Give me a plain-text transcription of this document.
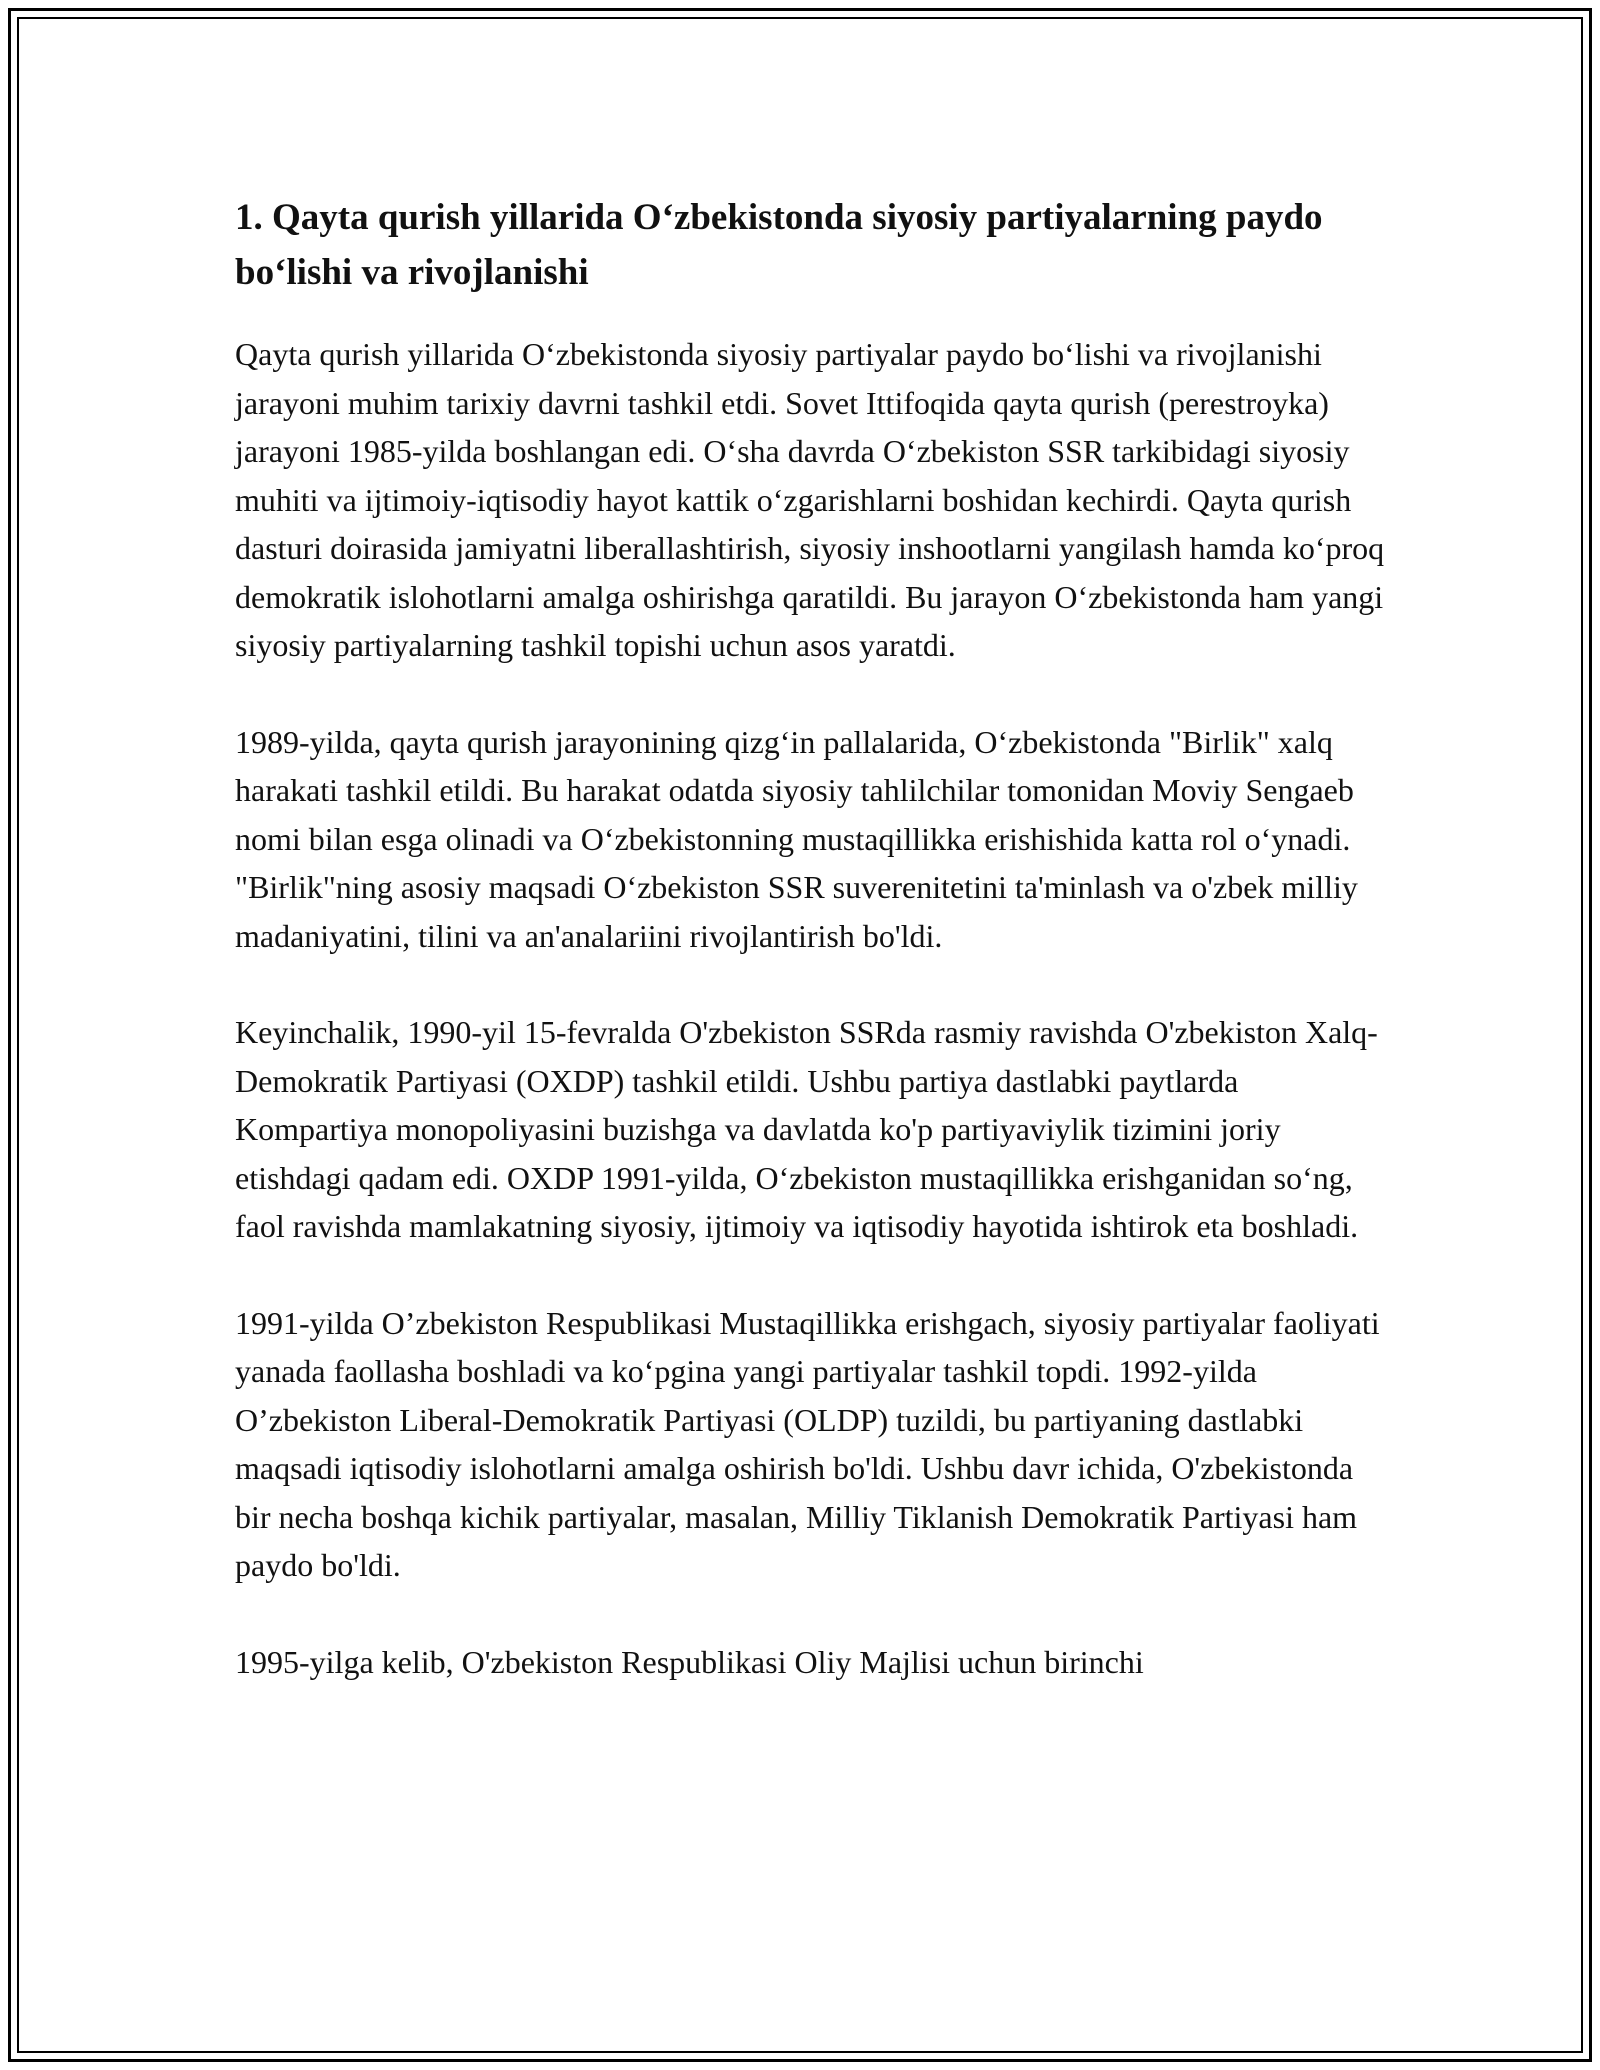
1. Qayta qurish yillarida O‘zbekistonda siyosiy partiyalarning paydo bo‘lishi va rivojlanishi

Qayta qurish yillarida O‘zbekistonda siyosiy partiyalar paydo bo‘lishi va rivojlanishi jarayoni muhim tarixiy davrni tashkil etdi. Sovet Ittifoqida qayta qurish (perestroyka) jarayoni 1985-yilda boshlangan edi. O‘sha davrda O‘zbekiston SSR tarkibidagi siyosiy muhiti va ijtimoiy-iqtisodiy hayot kattik o‘zgarishlarni boshidan kechirdi. Qayta qurish dasturi doirasida jamiyatni liberallashtirish, siyosiy inshootlarni yangilash hamda ko‘proq demokratik islohotlarni amalga oshirishga qaratildi. Bu jarayon O‘zbekistonda ham yangi siyosiy partiyalarning tashkil topishi uchun asos yaratdi.

1989-yilda, qayta qurish jarayonining qizg‘in pallalarida, O‘zbekistonda "Birlik" xalq harakati tashkil etildi. Bu harakat odatda siyosiy tahlilchilar tomonidan Moviy Sengaeb nomi bilan esga olinadi va O‘zbekistonning mustaqillikka erishishida katta rol o‘ynadi. "Birlik"ning asosiy maqsadi O‘zbekiston SSR suverenitetini ta'minlash va o'zbek milliy madaniyatini, tilini va an'analariini rivojlantirish bo'ldi.

Keyinchalik, 1990-yil 15-fevralda O'zbekiston SSRda rasmiy ravishda O'zbekiston Xalq-Demokratik Partiyasi (OXDP) tashkil etildi. Ushbu partiya dastlabki paytlarda Kompartiya monopoliyasini buzishga va davlatda ko'p partiyaviylik tizimini joriy etishdagi qadam edi. OXDP 1991-yilda, O‘zbekiston mustaqillikka erishganidan so‘ng, faol ravishda mamlakatning siyosiy, ijtimoiy va iqtisodiy hayotida ishtirok eta boshladi.

1991-yilda O’zbekiston Respublikasi Mustaqillikka erishgach, siyosiy partiyalar faoliyati yanada faollasha boshladi va ko‘pgina yangi partiyalar tashkil topdi. 1992-yilda O’zbekiston Liberal-Demokratik Partiyasi (OLDP) tuzildi, bu partiyaning dastlabki maqsadi iqtisodiy islohotlarni amalga oshirish bo'ldi. Ushbu davr ichida, O'zbekistonda bir necha boshqa kichik partiyalar, masalan, Milliy Tiklanish Demokratik Partiyasi ham paydo bo'ldi.

1995-yilga kelib, O'zbekiston Respublikasi Oliy Majlisi uchun birinchi
